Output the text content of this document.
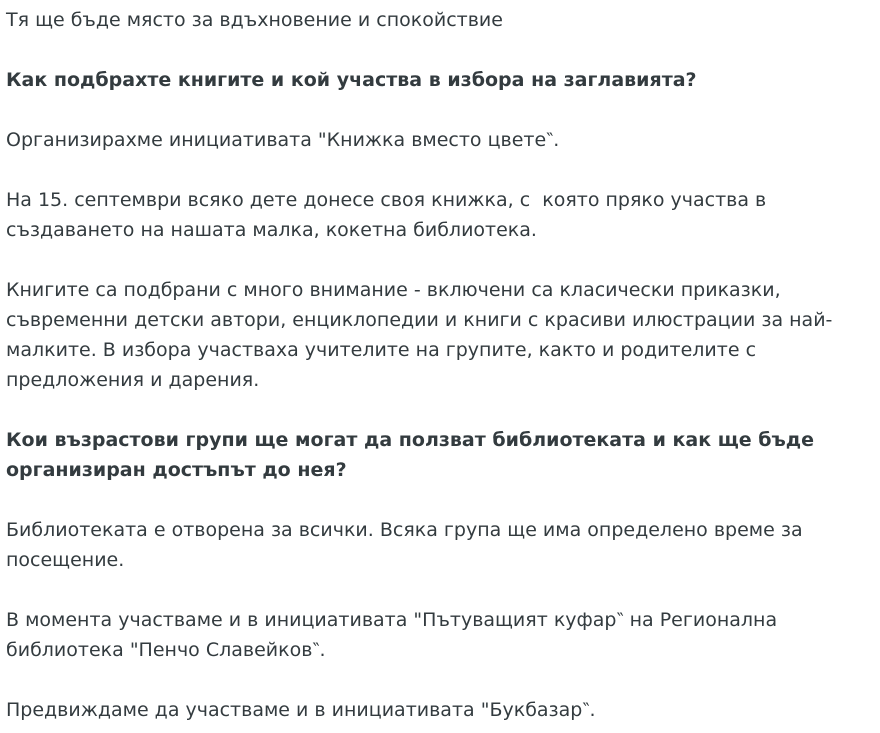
Тя ще бъде място за вдъхновение и спокойствие

Как подбрахте книгите и кой участва в избора на заглавията?

Организирахме инициативата "Книжка вместо цвете‶.

На 15. септември всяко дете донесе своя книжка, с  която пряко участва в създаването на нашата малка, кокетна библиотека.

Книгите са подбрани с много внимание - включени са класически приказки, съвременни детски автори, енциклопедии и книги с красиви илюстрации за най-малките. В избора участваха учителите на групите, както и родителите с предложения и дарения.

Кои възрастови групи ще могат да ползват библиотеката и как ще бъде организиран достъпът до нея?

Библиотеката е отворена за всички. Всяка група ще има определено време за посещение.

В момента участваме и в инициативата "Пътуващият куфар‶ на Регионална библиотека "Пенчо Славейков‶.

Предвиждаме да участваме и в инициативата "Букбазар‶.
